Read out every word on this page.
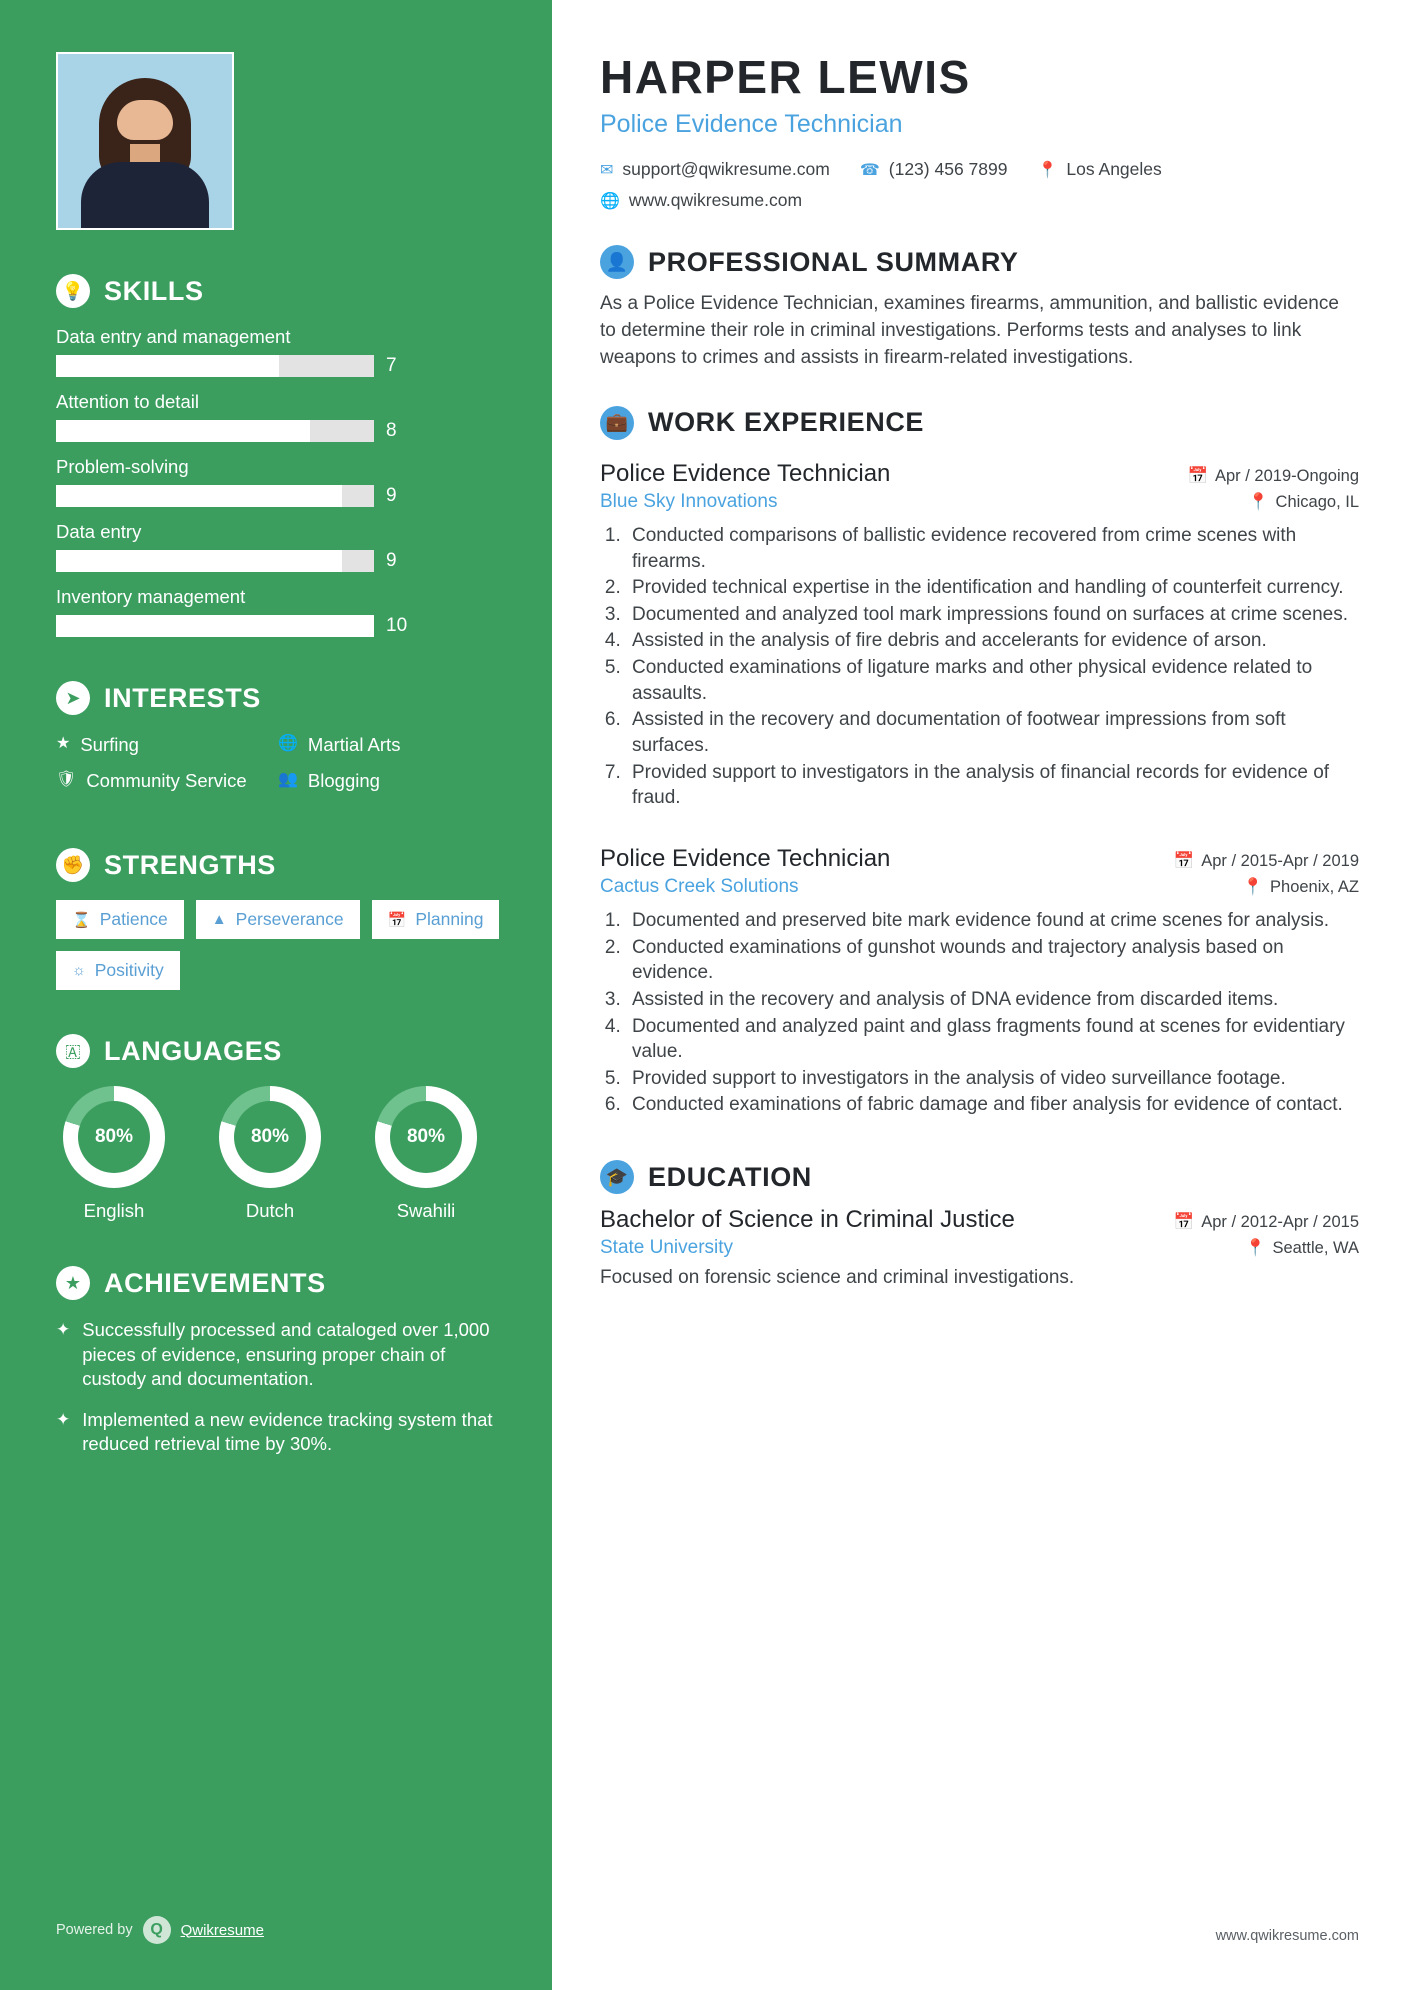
💡 SKILLS
Data entry and management
7
Attention to detail
8
Problem-solving
9
Data entry
9
Inventory management
10
➤ INTERESTS
★ Surfing	🌐 Martial Arts
🛡 Community Service 👥 Blogging
✊ STRENGTHS
⌛ Patience	▲ Perseverance	📅 Planning
☼ Positivity
🇦 LANGUAGES
80%
English
80%
Dutch
80%
Swahili
★ ACHIEVEMENTS
✦ Successfully processed and cataloged over 1,000 pieces of evidence, ensuring proper chain of custody and documentation.
✦ Implemented a new evidence tracking system that reduced retrieval time by 30%.
Powered by	Q	Qwikresume
HARPER LEWIS
Police Evidence Technician
✉ support@qwikresume.com ☎ (123) 456 7899 📍 Los Angeles
🌐 www.qwikresume.com
👤 PROFESSIONAL SUMMARY
As a Police Evidence Technician, examines firearms, ammunition, and ballistic evidence to determine their role in criminal investigations. Performs tests and analyses to link weapons to crimes and assists in firearm-related investigations.
💼 WORK EXPERIENCE
Police Evidence Technician	📅 Apr / 2019-Ongoing
Blue Sky Innovations	📍 Chicago, IL
1. Conducted comparisons of ballistic evidence recovered from crime scenes with firearms.
2. Provided technical expertise in the identification and handling of counterfeit currency.
3. Documented and analyzed tool mark impressions found on surfaces at crime scenes.
4. Assisted in the analysis of fire debris and accelerants for evidence of arson.
5. Conducted examinations of ligature marks and other physical evidence related to assaults.
6. Assisted in the recovery and documentation of footwear impressions from soft surfaces.
7. Provided support to investigators in the analysis of financial records for evidence of fraud.
Police Evidence Technician	📅 Apr / 2015-Apr / 2019
Cactus Creek Solutions	📍 Phoenix, AZ
1. Documented and preserved bite mark evidence found at crime scenes for analysis.
2. Conducted examinations of gunshot wounds and trajectory analysis based on evidence.
3. Assisted in the recovery and analysis of DNA evidence from discarded items.
4. Documented and analyzed paint and glass fragments found at scenes for evidentiary value.
5. Provided support to investigators in the analysis of video surveillance footage.
6. Conducted examinations of fabric damage and fiber analysis for evidence of contact.
🎓 EDUCATION
Bachelor of Science in Criminal Justice	📅 Apr / 2012-Apr / 2015
State University	📍 Seattle, WA
Focused on forensic science and criminal investigations.
www.qwikresume.com
